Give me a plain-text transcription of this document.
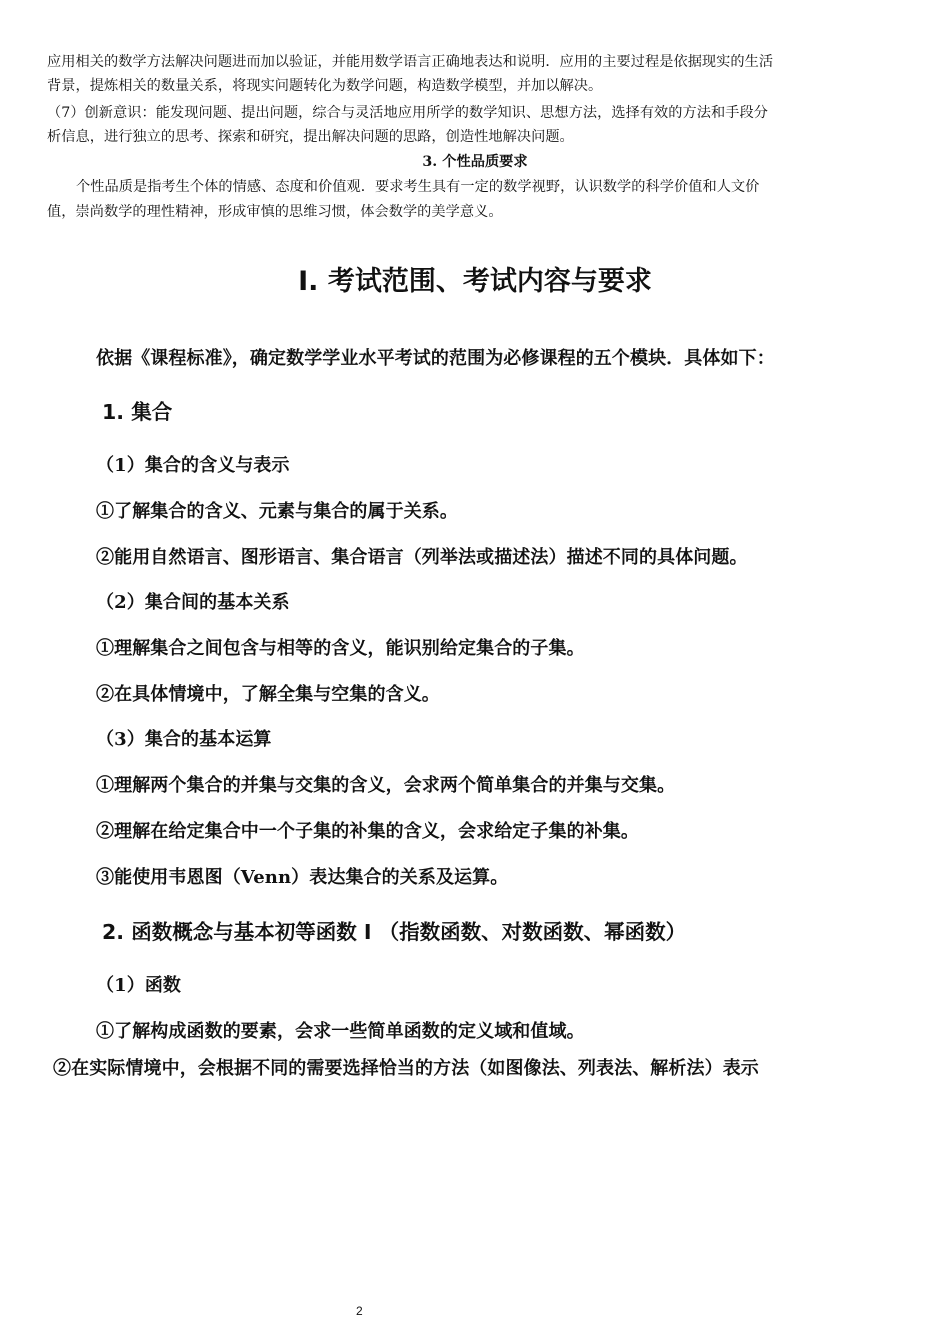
应用相关的数学方法解决问题进而加以验证，并能用数学语言正确地表达和说明．应用的主要过程是依据现实的生活

背景，提炼相关的数量关系，将现实问题转化为数学问题，构造数学模型，并加以解决。

（7）创新意识：能发现问题、提出问题，综合与灵活地应用所学的数学知识、思想方法，选择有效的方法和手段分

析信息，进行独立的思考、探索和研究，提出解决问题的思路，创造性地解决问题。

3. 个性品质要求

个性品质是指考生个体的情感、态度和价值观．要求考生具有一定的数学视野，认识数学的科学价值和人文价

值，崇尚数学的理性精神，形成审慎的思维习惯，体会数学的美学意义。

I. 考试范围、考试内容与要求

依据《课程标准》，确定数学学业水平考试的范围为必修课程的五个模块．具体如下：

1. 集合

（1）集合的含义与表示

①了解集合的含义、元素与集合的属于关系。

②能用自然语言、图形语言、集合语言（列举法或描述法）描述不同的具体问题。

（2）集合间的基本关系

①理解集合之间包含与相等的含义，能识别给定集合的子集。

②在具体情境中，了解全集与空集的含义。

（3）集合的基本运算

①理解两个集合的并集与交集的含义，会求两个简单集合的并集与交集。

②理解在给定集合中一个子集的补集的含义，会求给定子集的补集。

③能使用韦恩图（Venn）表达集合的关系及运算。

2. 函数概念与基本初等函数 I （指数函数、对数函数、幂函数）

（1）函数

①了解构成函数的要素，会求一些简单函数的定义域和值域。

②在实际情境中，会根据不同的需要选择恰当的方法（如图像法、列表法、解析法）表示

2
